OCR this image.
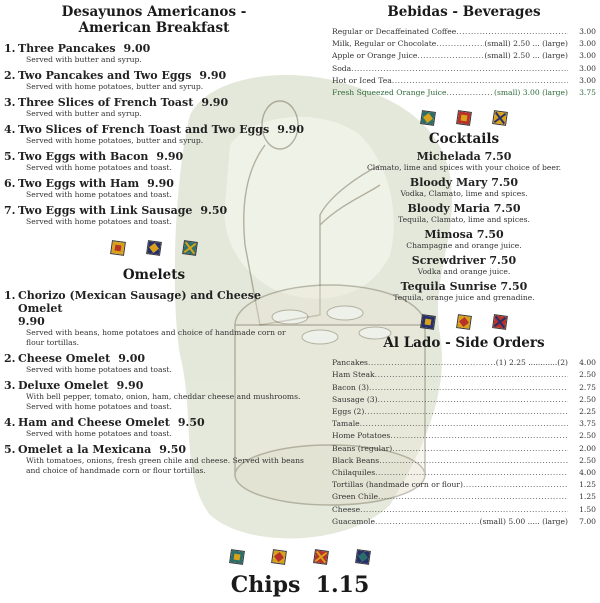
Desayunos Americanos -
American Breakfast
1. Three Pancakes 9.00
Served with butter and syrup.
2. Two Pancakes and Two Eggs 9.90
Served with home potatoes, butter and syrup.
3. Three Slices of French Toast 9.90
Served with butter and syrup.
4. Two Slices of French Toast and Two Eggs 9.90
Served with home potatoes, butter and syrup.
5. Two Eggs with Bacon 9.90
Served with home potatoes and toast.
6. Two Eggs with Ham 9.90
Served with home potatoes and toast.
7. Two Eggs with Link Sausage 9.50
Served with home potatoes and toast.
Omelets
1. Chorizo (Mexican Sausage) and Cheese Omelet
9.90
Served with beans, home potatoes and choice of handmade corn or flour tortillas.
2. Cheese Omelet 9.00
Served with home potatoes and toast.
3. Deluxe Omelet 9.90
With bell pepper, tomato, onion, ham, cheddar cheese and mushrooms. Served with home potatoes and toast.
4. Ham and Cheese Omelet 9.50
Served with home potatoes and toast.
5. Omelet a la Mexicana 9.50
With tomatoes, onions, fresh green chile and cheese. Served with beans and choice of handmade corn or flour tortillas.
Bebidas - Beverages
Regular or Decaffeinated Coffee .....	3.00
Milk, Regular or Chocolate .....	(small) 2.50 ... (large)	3.00
Apple or Orange Juice .....	(small) 2.50 ... (large)	3.00
Soda .....	3.00
Hot or Iced Tea .....	3.00
Fresh Squeezed Orange Juice .....	(small) 3.00 (large)	3.75
Cocktails
Michelada 7.50
Clamato, lime and spices with your choice of beer.
Bloody Mary 7.50
Vodka, Clamato, lime and spices.
Bloody Maria 7.50
Tequila, Clamato, lime and spices.
Mimosa 7.50
Champagne and orange juice.
Screwdriver 7.50
Vodka and orange juice.
Tequila Sunrise 7.50
Tequila, orange juice and grenadine.
Al Lado - Side Orders
Pancakes .....	(1) 2.25 ............(2)	4.00
Ham Steak .....	2.50
Bacon (3) .....	2.75
Sausage (3) .....	2.50
Eggs (2) .....	2.25
Tamale .....	3.75
Home Potatoes .....	2.50
Beans (regular) .....	2.00
Black Beans .....	2.50
Chilaquiles .....	4.00
Tortillas (handmade corn or flour) .....	1.25
Green Chile .....	1.25
Cheese .....	1.50
Guacamole .....	(small) 5.00 ..... (large)	7.00
Chips 1.15
